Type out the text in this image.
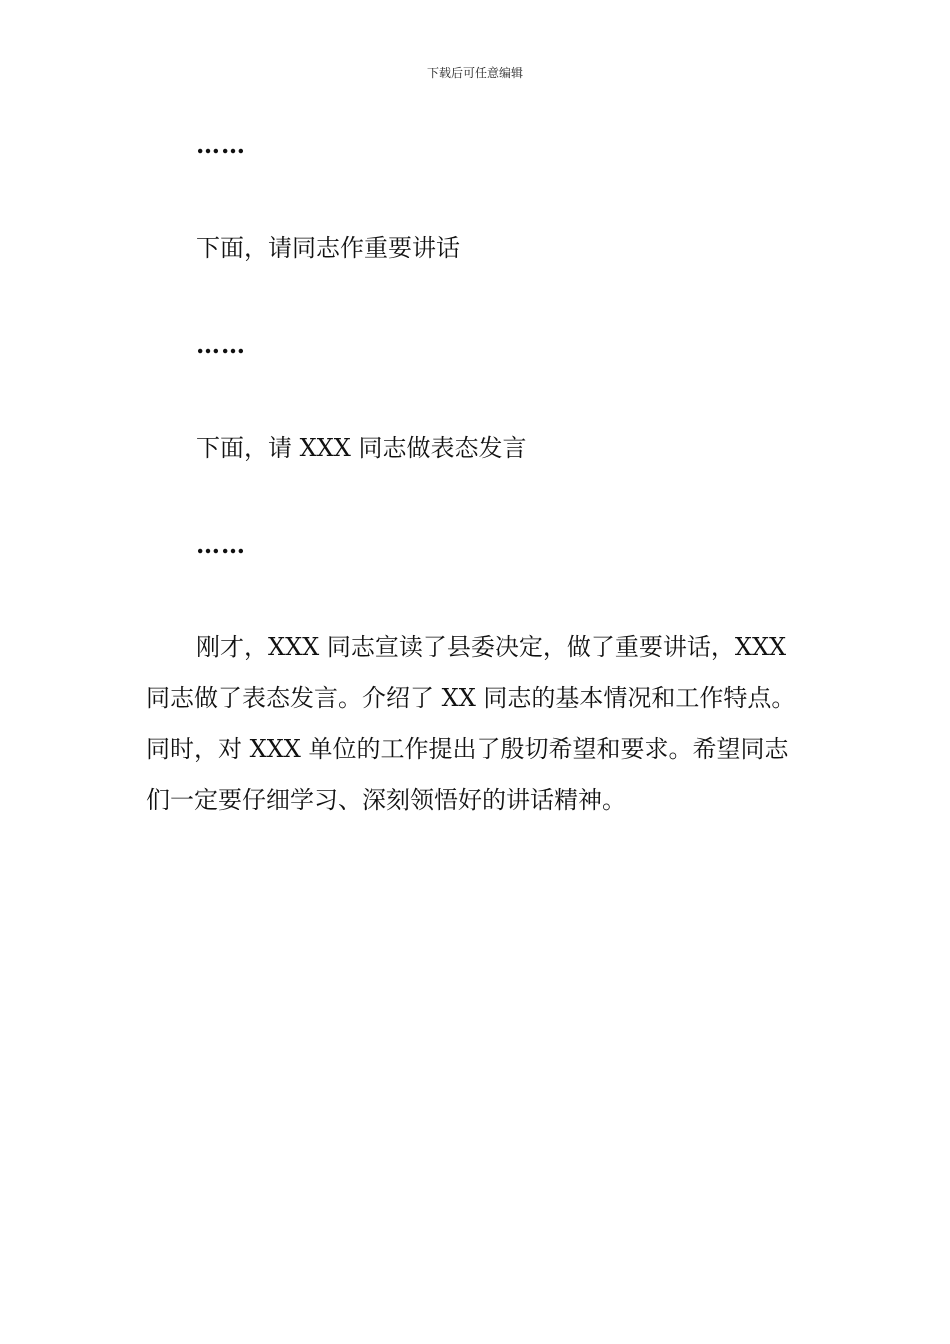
下载后可任意编辑
……
下面，请同志作重要讲话
……
下面，请 XXX 同志做表态发言
……
刚才，XXX 同志宣读了县委决定，做了重要讲话，XXX
同志做了表态发言。介绍了 XX 同志的基本情况和工作特点。
同时，对 XXX 单位的工作提出了殷切希望和要求。希望同志
们一定要仔细学习、深刻领悟好的讲话精神。
